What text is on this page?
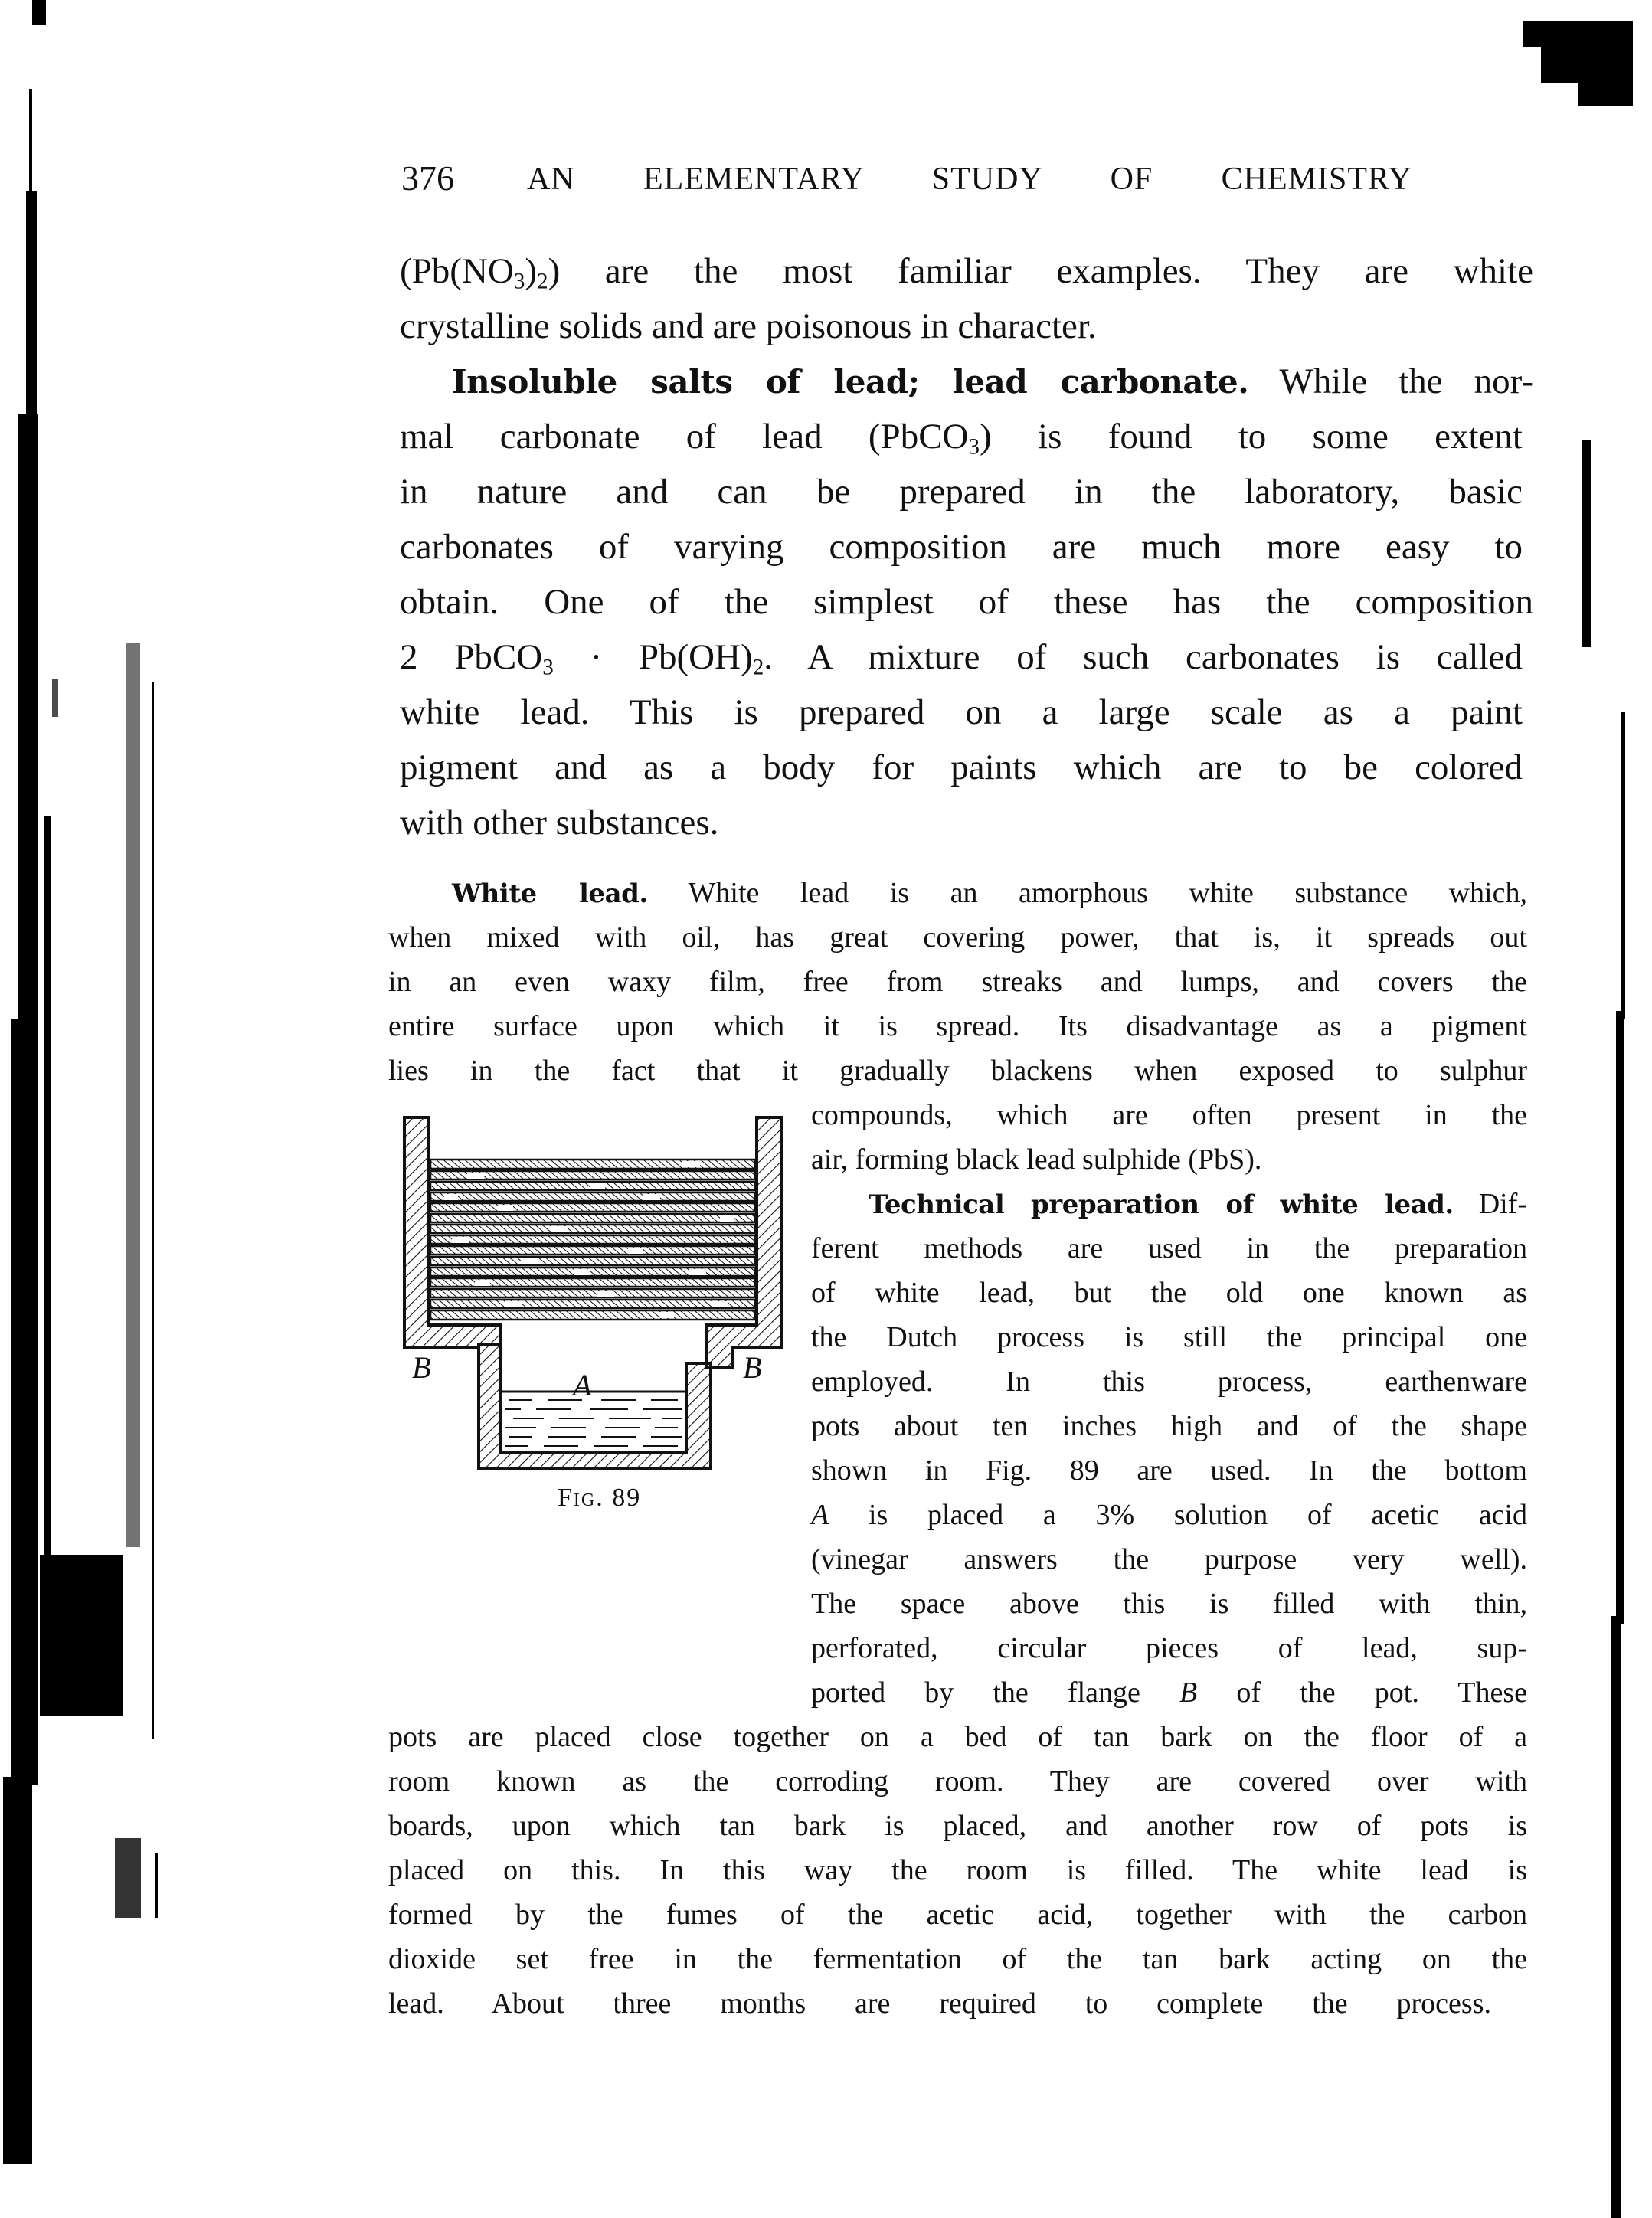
376 AN ELEMENTARY STUDY OF CHEMISTRY
$(Pb(NO_3)_2)$ are the most familiar examples. They are white
crystalline solids and are poisonous in character.
Insoluble salts of lead; lead carbonate. While the nor-
mal carbonate of lead (PbCO$_3$) is found to some extent
in nature and can be prepared in the laboratory, basic
carbonates of varying composition are much more easy to
obtain. One of the simplest of these has the composition
2 PbCO$_3$ · $Pb(OH)_2$. A mixture of such carbonates is called
white lead. This is prepared on a large scale as a paint
pigment and as a body for paints which are to be colored
with other substances.
White lead. White lead is an amorphous white substance which,
when mixed with oil, has great covering power, that is, it spreads out
in an even waxy film, free from streaks and lumps, and covers the
entire surface upon which it is spread. Its disadvantage as a pigment
lies in the fact that it gradually blackens when exposed to sulphur
compounds, which are often present in the
air, forming black lead sulphide (PbS).
Technical preparation of white lead. Dif-
ferent methods are used in the preparation
of white lead, but the old one known as
the Dutch process is still the principal one
employed. In this process, earthenware
pots about ten inches high and of the shape
shown in Fig. 89 are used. In the bottom
A is placed a 3% solution of acetic acid
(vinegar answers the purpose very well).
The space above this is filled with thin,
perforated, circular pieces of lead, sup-
ported by the flange B of the pot. These
pots are placed close together on a bed of tan bark on the floor of a
room known as the corroding room. They are covered over with
boards, upon which tan bark is placed, and another row of pots is
placed on this. In this way the room is filled. The white lead is
formed by the fumes of the acetic acid, together with the carbon
dioxide set free in the fermentation of the tan bark acting on the
lead. About three months are required to complete the process.
B	B
A
Fig. 89
